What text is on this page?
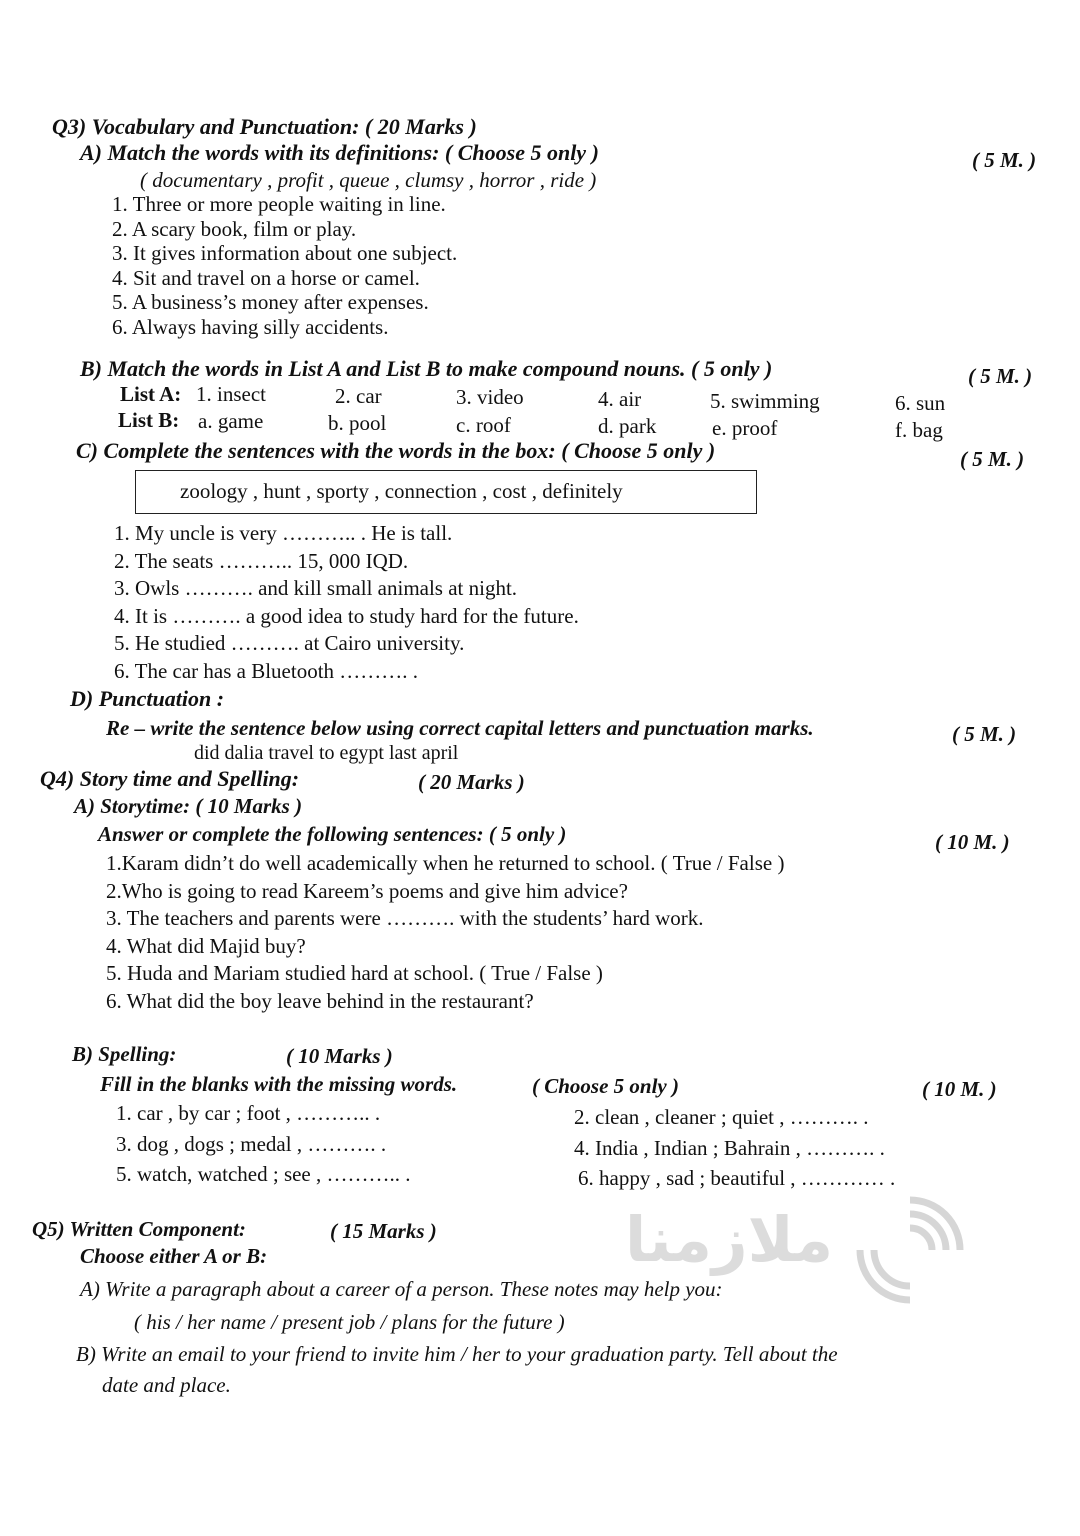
Q3) Vocabulary and Punctuation: ( 20 Marks )
A) Match the words with its definitions: ( Choose 5 only )	( 5 M. )
( documentary , profit , queue , clumsy , horror , ride )
1. Three or more people waiting in line.
2. A scary book, film or play.
3. It gives information about one subject.
4. Sit and travel on a horse or camel.
5. A business’s money after expenses.
6. Always having silly accidents.
B) Match the words in List A and List B to make compound nouns. ( 5 only )	( 5 M. )
List A: 1. insect	2. car	3. video	4. air	5. swimming	6. sun
List B: a. game	b. pool	c. roof	d. park	e. proof	f. bag
C) Complete the sentences with the words in the box: ( Choose 5 only )	( 5 M. )
zoology , hunt , sporty , connection , cost , definitely
1. My uncle is very ……….. . He is tall.
2. The seats ……….. 15, 000 IQD.
3. Owls ………. and kill small animals at night.
4. It is ………. a good idea to study hard for the future.
5. He studied ………. at Cairo university.
6. The car has a Bluetooth ………. .
D) Punctuation :
Re – write the sentence below using correct capital letters and punctuation marks.	( 5 M. )
did dalia travel to egypt last april
Q4) Story time and Spelling:	( 20 Marks )
A) Storytime: ( 10 Marks )
Answer or complete the following sentences: ( 5 only )	( 10 M. )
1.Karam didn’t do well academically when he returned to school. ( True / False )
2.Who is going to read Kareem’s poems and give him advice?
3. The teachers and parents were ………. with the students’ hard work.
4. What did Majid buy?
5. Huda and Mariam studied hard at school. ( True / False )
6. What did the boy leave behind in the restaurant?
B) Spelling:	( 10 Marks )
Fill in the blanks with the missing words.	( Choose 5 only )	( 10 M. )
1. car , by car ; foot , ……….. .	2. clean , cleaner ; quiet , ………. .
3. dog , dogs ; medal , ………. .	4. India , Indian ; Bahrain , ………. .
5. watch, watched ; see , ……….. .	6. happy , sad ; beautiful , ………… .
Q5) Written Component:	( 15 Marks )
Choose either A or B:
A) Write a paragraph about a career of a person. These notes may help you:
( his / her name / present job / plans for the future )
B) Write an email to your friend to invite him / her to your graduation party. Tell about the
date and place.
ملازمنا
